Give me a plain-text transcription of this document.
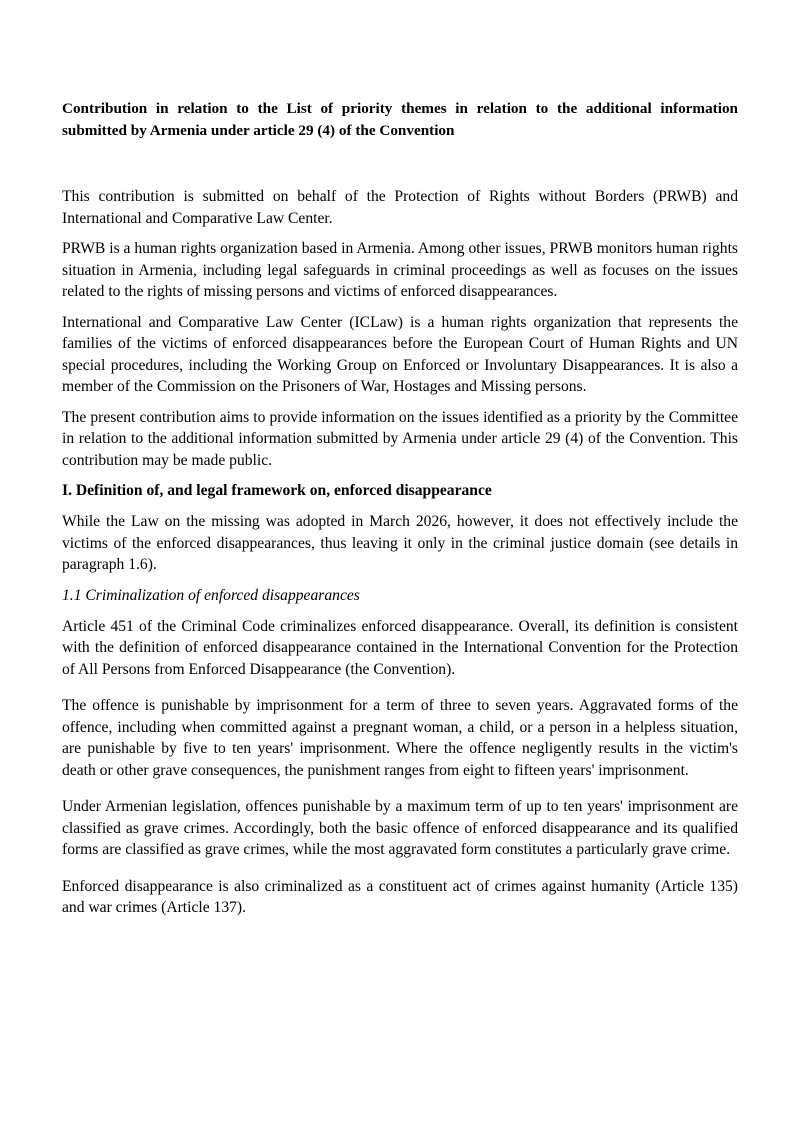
Contribution in relation to the List of priority themes in relation to the additional information submitted by Armenia under article 29 (4) of the Convention

This contribution is submitted on behalf of the Protection of Rights without Borders (PRWB) and International and Comparative Law Center.

PRWB is a human rights organization based in Armenia. Among other issues, PRWB monitors human rights situation in Armenia, including legal safeguards in criminal proceedings as well as focuses on the issues related to the rights of missing persons and victims of enforced disappearances.

International and Comparative Law Center (ICLaw) is a human rights organization that represents the families of the victims of enforced disappearances before the European Court of Human Rights and UN special procedures, including the Working Group on Enforced or Involuntary Disappearances. It is also a member of the Commission on the Prisoners of War, Hostages and Missing persons.

The present contribution aims to provide information on the issues identified as a priority by the Committee in relation to the additional information submitted by Armenia under article 29 (4) of the Convention. This contribution may be made public.

I. Definition of, and legal framework on, enforced disappearance

While the Law on the missing was adopted in March 2026, however, it does not effectively include the victims of the enforced disappearances, thus leaving it only in the criminal justice domain (see details in paragraph 1.6).

1.1 Criminalization of enforced disappearances

Article 451 of the Criminal Code criminalizes enforced disappearance. Overall, its definition is consistent with the definition of enforced disappearance contained in the International Convention for the Protection of All Persons from Enforced Disappearance (the Convention).

The offence is punishable by imprisonment for a term of three to seven years. Aggravated forms of the offence, including when committed against a pregnant woman, a child, or a person in a helpless situation, are punishable by five to ten years' imprisonment. Where the offence negligently results in the victim's death or other grave consequences, the punishment ranges from eight to fifteen years' imprisonment.

Under Armenian legislation, offences punishable by a maximum term of up to ten years' imprisonment are classified as grave crimes. Accordingly, both the basic offence of enforced disappearance and its qualified forms are classified as grave crimes, while the most aggravated form constitutes a particularly grave crime.

Enforced disappearance is also criminalized as a constituent act of crimes against humanity (Article 135) and war crimes (Article 137).
